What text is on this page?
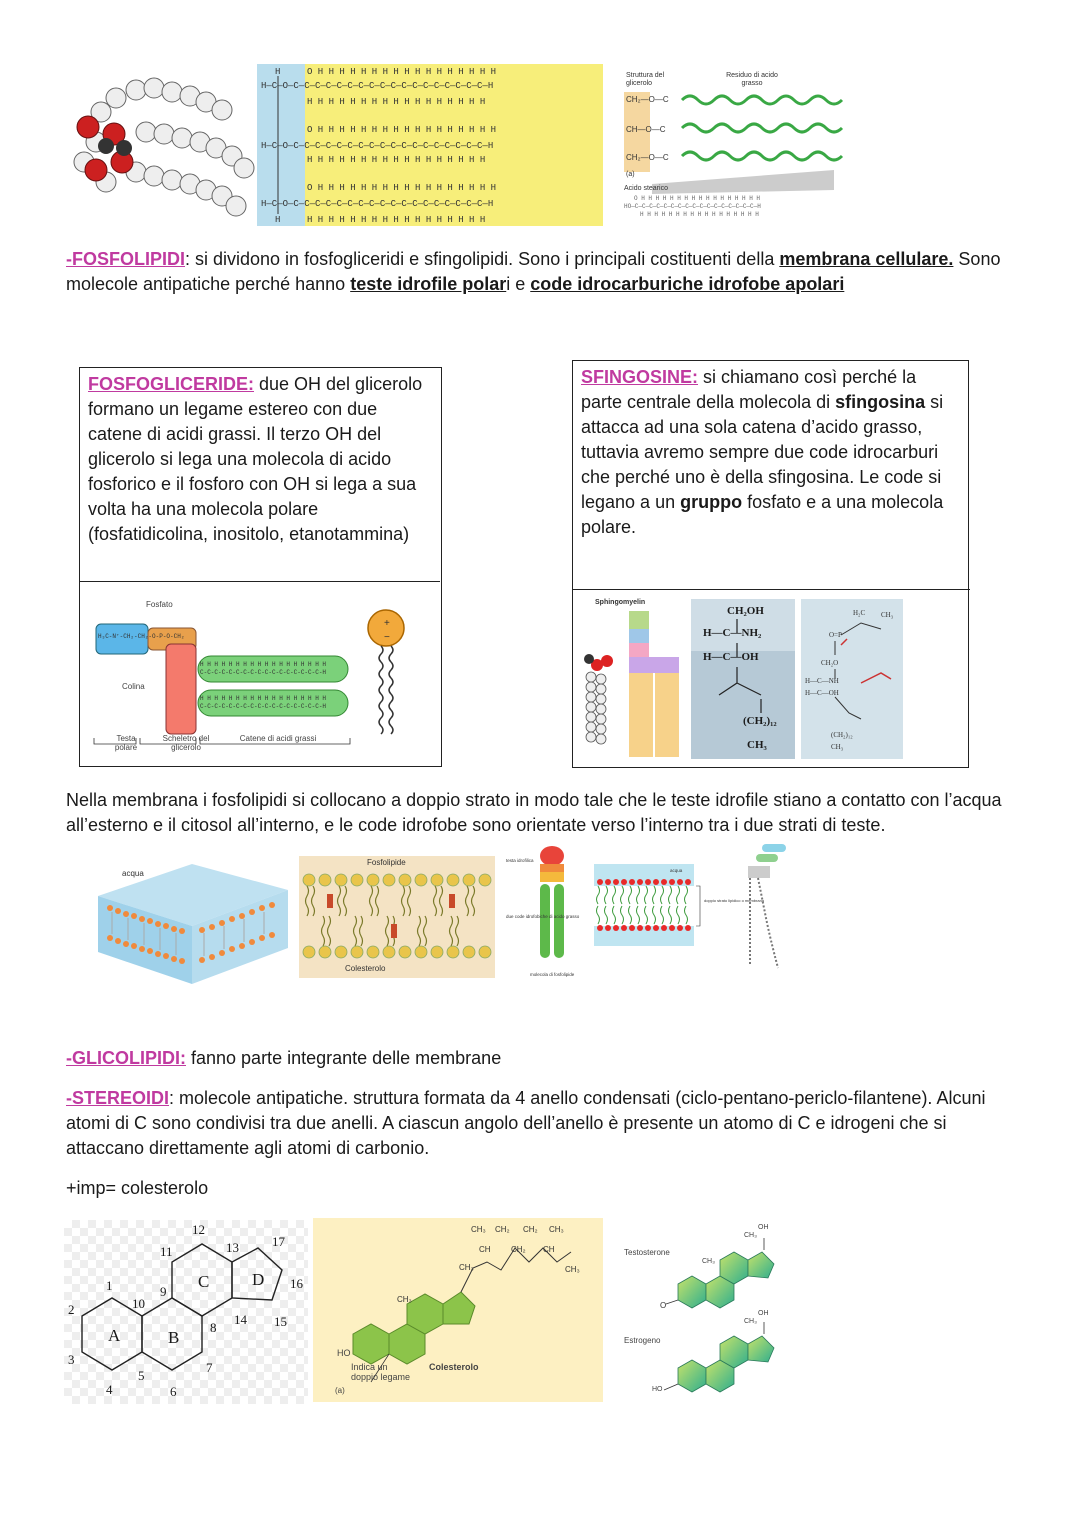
H—C—O—C—C—C—C—C—C—C—C—C—C—C—C—C—C—C—C—C—C—H
H—C—O—C—C—C—C—C—C—C—C—C—C—C—C—C—C—C—C—C—C—H
H—C—O—C—C—C—C—C—C—C—C—C—C—C—C—C—C—C—C—C—C—H
O H H H H H H H H H H H H H H H H H
H H H H H H H H H H H H H H H H H
O H H H H H H H H H H H H H H H H H
H H H H H H H H H H H H H H H H H
O H H H H H H H H H H H H H H H H H
H H H H H H H H H H H H H H H H H
H
H
Struttura del glicerolo
Residuo di acido grasso
CH₂—O—C
CH—O—C
CH₂—O—C
(a)
Acido stearico
O H H H H H H H H H H H H H H H H H
HO—C—C—C—C—C—C—C—C—C—C—C—C—C—C—C—C—C—H
H H H H H H H H H H H H H H H H H
-FOSFOLIPIDI: si dividono in fosfogliceridi e sfingolipidi. Sono i principali costituenti della membrana cellulare. Sono molecole antipatiche perché hanno teste idrofile polari e code idrocarburiche idrofobe apolari
FOSFOGLICERIDE: due OH del glicerolo formano un legame estereo con due catene di acidi grassi. Il terzo OH del glicerolo si lega una molecola di acido fosforico e il fosforo con OH si lega a sua volta ha una molecola polare (fosfatidicolina, inositolo, etanotammina)
Fosfato
H₃C-N⁺-CH₂-CH₂-O-P-O-CH₂
H H H H H H H H H H H H H H H H H H
C-C-C-C-C-C-C-C-C-C-C-C-C-C-C-C-C-H
H H H H H H H H H H H H H H H H H H
C-C-C-C-C-C-C-C-C-C-C-C-C-C-C-C-C-H
+
−
Colina
Testa polare
Scheletro del glicerolo
Catene di acidi grassi
SFINGOSINE: si chiamano così perché la parte centrale della molecola di sfingosina si attacca ad una sola catena d’acido grasso, tuttavia avremo sempre due code idrocarburi che perché uno è della sfingosina. Le code si legano a un gruppo fosfato e a una molecola polare.
Sphingomyelin
CH₂OH
H—C—NH₂
H—C—OH
(CH₂)₁₂
CH₃
H₂C CH₃
O=P
CH₂O
H—C—NH
H—C—OH
CH₃
(CH₂)₁₂
Nella membrana i fosfolipidi si collocano a doppio strato in modo tale che le teste idrofile stiano a contatto con l’acqua all’esterno e il citosol all’interno, e le code idrofobe sono orientate verso l’interno tra i due strati di teste.
acqua
Fosfolipide
Colesterolo
testa idrofilica
due code idrofobiche di acido grasso
molecola di fosfolipide
acqua
doppio strato lipidico o membrana
-GLICOLIPIDI: fanno parte integrante delle membrane
-STEREOIDI: molecole antipatiche. struttura formata da 4 anello condensati (ciclo-pentano-periclo-filantene). Alcuni atomi di C sono condivisi tra due anelli. A ciascun angolo dell’anello è presente un atomo di C e idrogeni che si attaccano direttamente agli atomi di carbonio.
+imp= colesterolo
A	B
C	D
1
2
3
4
5
6
7
8
9
10
11
12
13
14 15
16
17
CH₃ CH₂ CH₂ CH₃
CH	CH₂ CH
CH₃
CH₃
CH₃
HO
Colesterolo
Indica un doppio legame
(a)
Testosterone
Estrogeno
O
OH
CH₃
CH₃
OH
CH₃
HO
